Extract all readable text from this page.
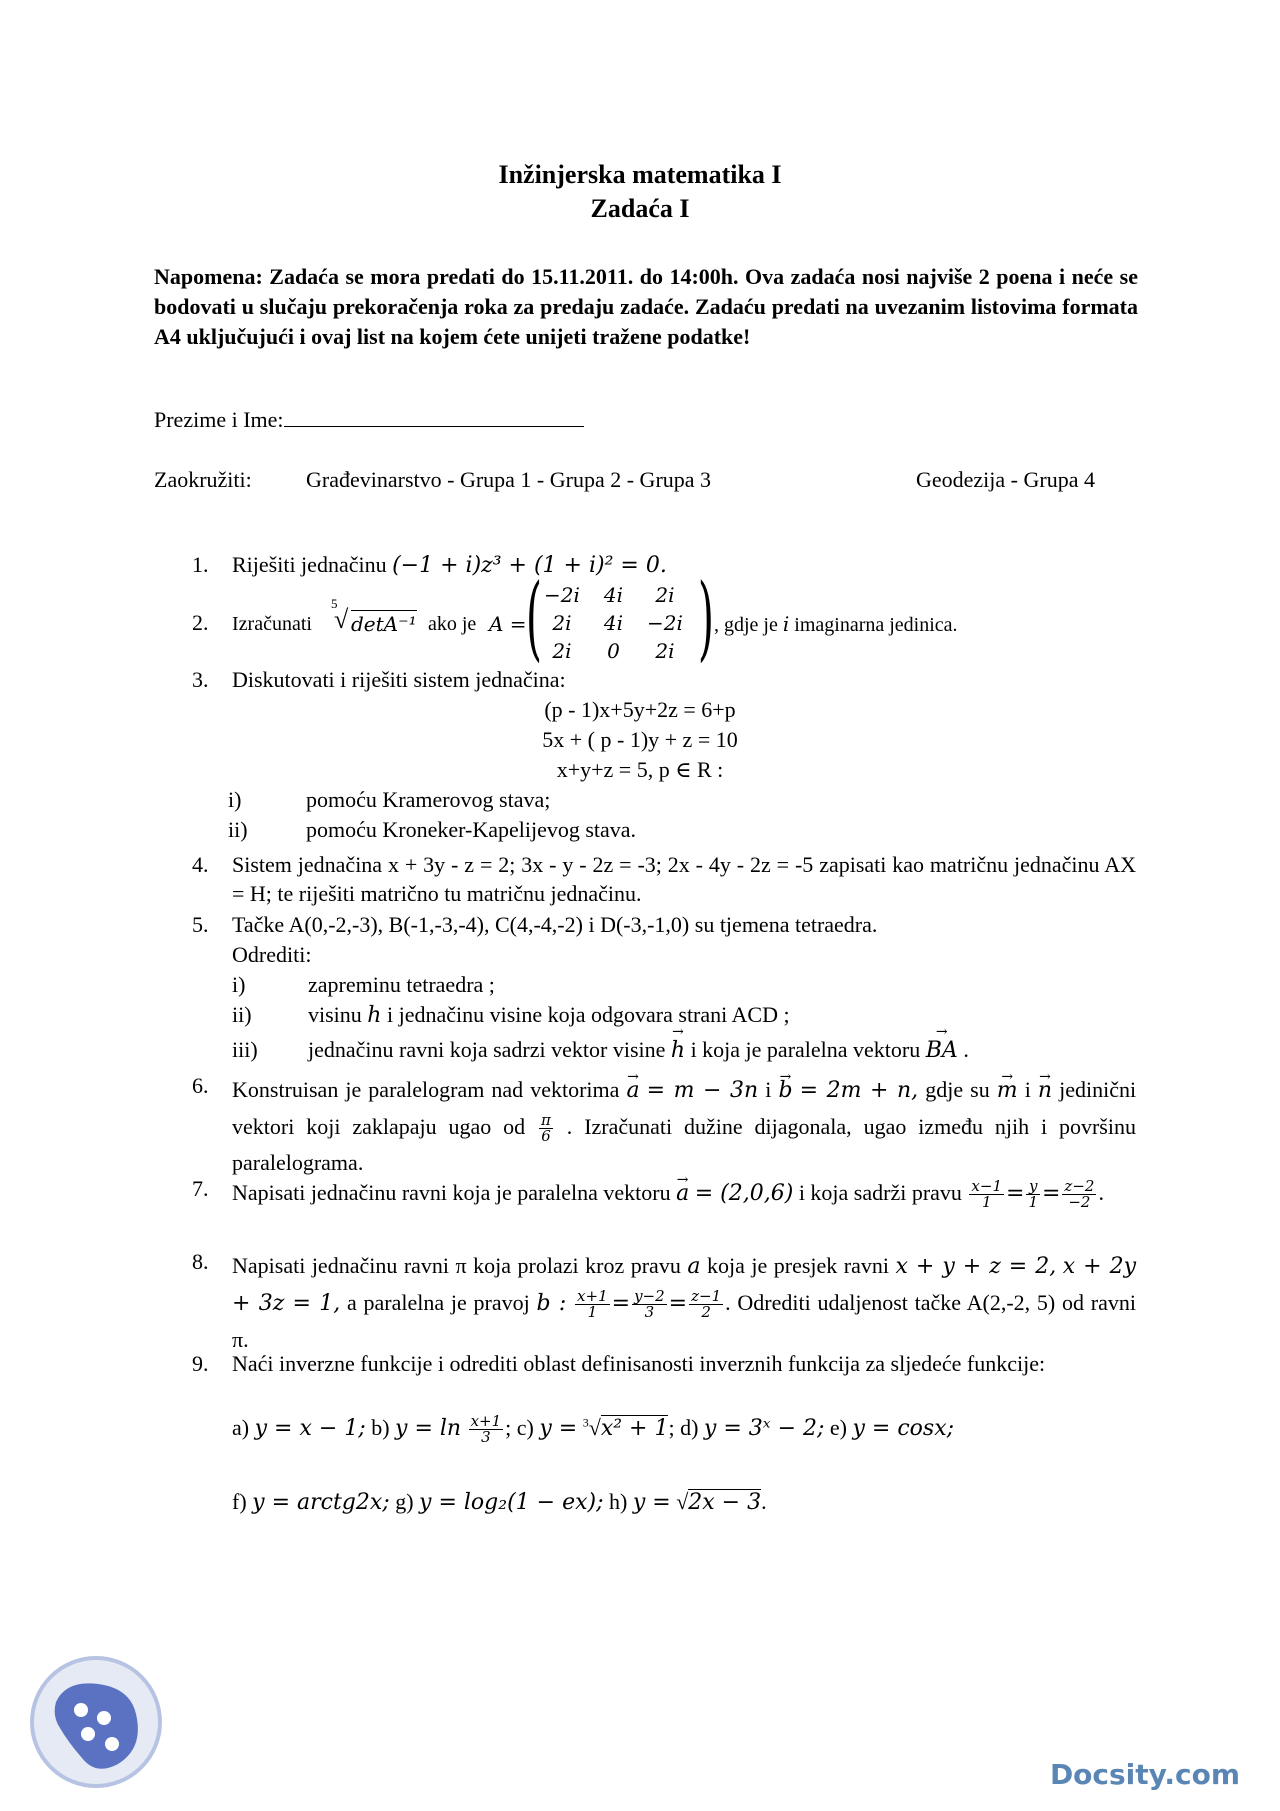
Inžinjerska matematika I
Zadaća I
Napomena: Zadaća se mora predati do 15.11.2011. do 14:00h. Ova zadaća nosi najviše 2 poena i neće se bodovati u slučaju prekoračenja roka za predaju zadaće. Zadaću predati na uvezanim listovima formata A4 uključujući i ovaj list na kojem ćete unijeti tražene podatke!
Prezime i Ime:
Zaokružiti: Građevinarstvo - Grupa 1 - Grupa 2 - Grupa 3	Geodezija - Grupa 4
1. Riješiti jednačinu (−1 + i)z³ + (1 + i)² = 0.
2. Izračunati
5
√ detA⁻¹ ako je A = ( −2i	4i	2i
2i	4i	−2i
2i	0	2i ) , gdje je i imaginarna jedinica.
3. Diskutovati i riješiti sistem jednačina:
(p - 1)x+5y+2z = 6+p
5x + ( p - 1)y + z = 10
x+y+z = 5, p ∈ R :
i)	pomoću Kramerovog stava;
ii)	pomoću Kroneker-Kapelijevog stava.
4. Sistem jednačina x + 3y - z = 2; 3x - y - 2z = -3; 2x - 4y - 2z = -5 zapisati kao matričnu jednačinu AX = H; te riješiti matrično tu matričnu jednačinu.
5. Tačke A(0,-2,-3), B(-1,-3,-4), C(4,-4,-2) i D(-3,-1,0) su tjemena tetraedra.
Odrediti:
i)	zapreminu tetraedra ;
ii)	visinu h i jednačinu visine koja odgovara strani ACD ;
iii) jednačinu ravni koja sadrzi vektor visine → h i koja je paralelna vektoru → BA .
6. Konstruisan je paralelogram nad vektorima → a = m − 3n i → b = 2m + n, gdje su → m i → n jedinični vektori koji zaklapaju ugao od $\frac{\pi}{6}$ . Izračunati dužine dijagonala, ugao između njih i površinu paralelograma.
7. Napisati jednačinu ravni koja je paralelna vektoru → a = (2,0,6) i koja sadrži pravu $\frac{x-1}{1} = \frac{y}{1} = \frac{z-2}{-2}$ .
8. Napisati jednačinu ravni π koja prolazi kroz pravu a koja je presjek ravni x + y + z = 2, x + 2y + 3z = 1, a paralelna je pravoj b : $\frac{x+1}{1} = \frac{y-2}{3} = \frac{z-1}{2}$ . Odrediti udaljenost tačke A(2,-2, 5) od ravni π.
9. Naći inverzne funkcije i odrediti oblast definisanosti inverznih funkcija za sljedeće funkcije:
a) y = x − 1; b) $y = \ln \frac{x+1}{3}$ ; c) y = $^3$√x² + 1; d) y = 3ˣ − 2; e) y = cosx;
f) y = arctg2x; g) y = log₂(1 − ex); h) y = √2x − 3.
Docsity.com
